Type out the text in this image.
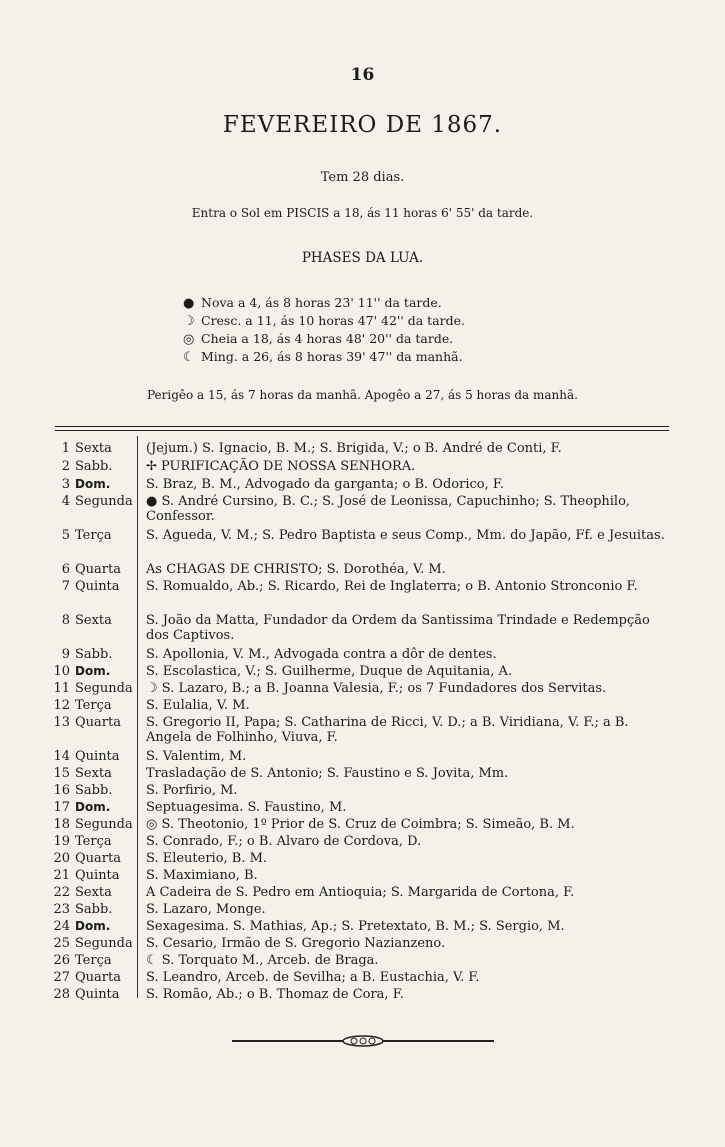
16
FEVEREIRO DE 1867.
Tem 28 dias.
Entra o Sol em PISCIS a 18, ás 11 horas 6' 55' da tarde.
PHASES DA LUA.
● Nova a 4, ás 8 horas 23' 11'' da tarde.
☽ Cresc. a 11, ás 10 horas 47' 42'' da tarde.
◎ Cheia a 18, ás 4 horas 48' 20'' da tarde.
☾ Ming. a 26, ás 8 horas 39' 47'' da manhã.
Perigêo a 15, ás 7 horas da manhã. Apogêo a 27, ás 5 horas da manhã.
1 Sexta	(Jejum.) S. Ignacio, B. M.; S. Brigida, V.; o B. André de Conti, F.
2 Sabb.	✢ PURIFICAÇÃO DE NOSSA SENHORA.
3 Dom.	S. Braz, B. M., Advogado da garganta; o B. Odorico, F.
4 Segunda	● S. André Cursino, B. C.; S. José de Leonissa, Capuchinho; S. Theophilo, Confessor.
5 Terça	S. Agueda, V. M.; S. Pedro Baptista e seus Comp., Mm. do Japão, Ff. e Jesuitas.
6 Quarta	As CHAGAS DE CHRISTO; S. Dorothéa, V. M.
7 Quinta	S. Romualdo, Ab.; S. Ricardo, Rei de Inglaterra; o B. Antonio Stronconio F.
8 Sexta	S. João da Matta, Fundador da Ordem da Santissima Trindade e Redempção dos Captivos.
9 Sabb.	S. Apollonia, V. M., Advogada contra a dôr de dentes.
10 Dom.	S. Escolastica, V.; S. Guilherme, Duque de Aquitania, A.
11 Segunda	☽ S. Lazaro, B.; a B. Joanna Valesia, F.; os 7 Fundadores dos Servitas.
12 Terça	S. Eulalia, V. M.
13 Quarta	S. Gregorio II, Papa; S. Catharina de Ricci, V. D.; a B. Viridiana, V. F.; a B. Angela de Folhinho, Viuva, F.
14 Quinta	S. Valentim, M.
15 Sexta	Trasladação de S. Antonio; S. Faustino e S. Jovita, Mm.
16 Sabb.	S. Porfirio, M.
17 Dom.	Septuagesima. S. Faustino, M.
18 Segunda	◎ S. Theotonio, 1º Prior de S. Cruz de Coimbra; S. Simeão, B. M.
19 Terça	S. Conrado, F.; o B. Alvaro de Cordova, D.
20 Quarta	S. Eleuterio, B. M.
21 Quinta	S. Maximiano, B.
22 Sexta	A Cadeira de S. Pedro em Antioquia; S. Margarida de Cortona, F.
23 Sabb.	S. Lazaro, Monge.
24 Dom.	Sexagesima. S. Mathias, Ap.; S. Pretextato, B. M.; S. Sergio, M.
25 Segunda	S. Cesario, Irmão de S. Gregorio Nazianzeno.
26 Terça	☾ S. Torquato M., Arceb. de Braga.
27 Quarta	S. Leandro, Arceb. de Sevilha; a B. Eustachia, V. F.
28 Quinta	S. Romão, Ab.; o B. Thomaz de Cora, F.
